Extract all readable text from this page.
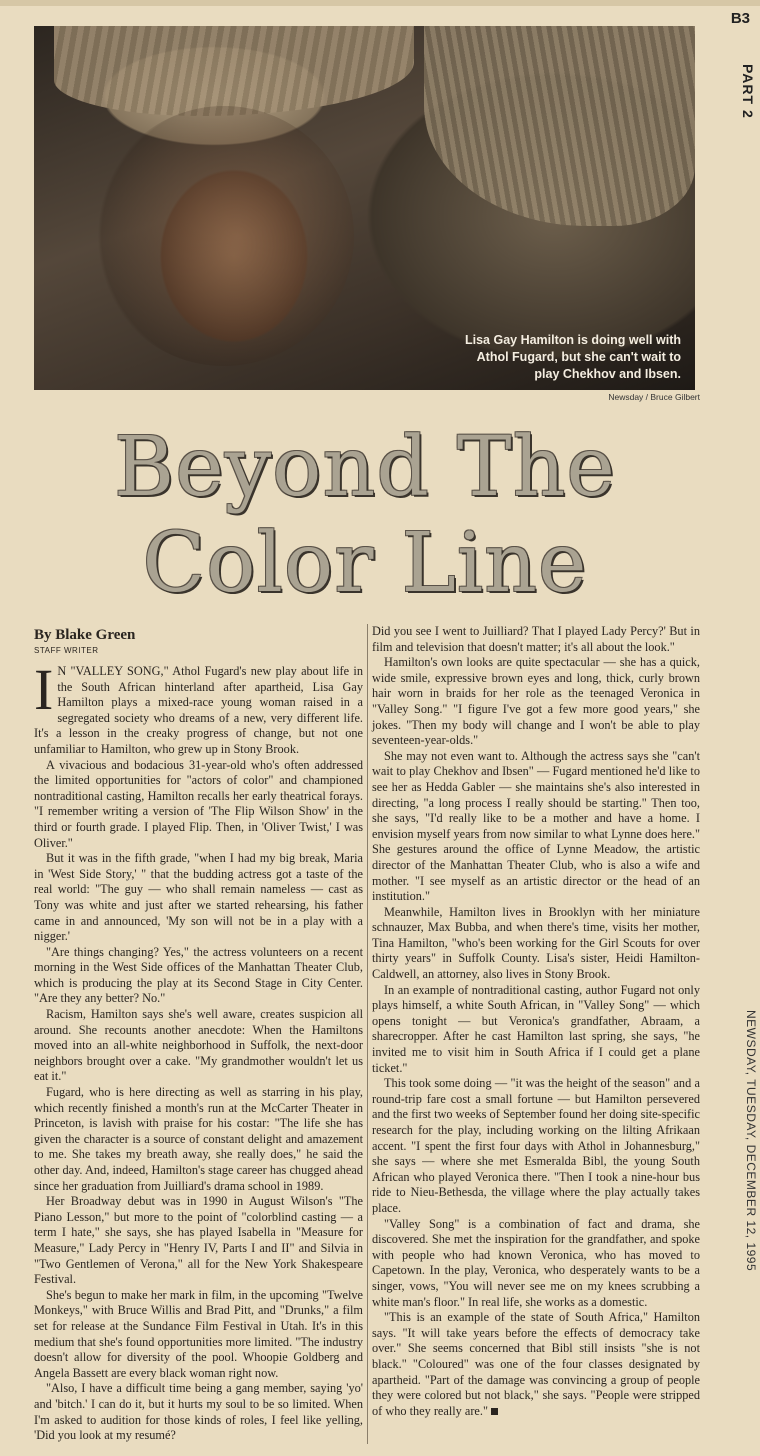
B3
PART 2
NEWSDAY, TUESDAY, DECEMBER 12, 1995
Lisa Gay Hamilton is doing well with Athol Fugard, but she can't wait to play Chekhov and Ibsen.
Newsday / Bruce Gilbert
Beyond The
Color Line
By Blake Green
STAFF WRITER
I N "VALLEY SONG," Athol Fugard's new play about life in the South African hinterland after apartheid, Lisa Gay Hamilton plays a mixed-race young woman raised in a segregated society who dreams of a new, very different life. It's a lesson in the creaky progress of change, but not one unfamiliar to Hamilton, who grew up in Stony Brook.

A vivacious and bodacious 31-year-old who's often addressed the limited opportunities for "actors of color" and championed nontraditional casting, Hamilton recalls her early theatrical forays. "I remember writing a version of 'The Flip Wilson Show' in the third or fourth grade. I played Flip. Then, in 'Oliver Twist,' I was Oliver."

But it was in the fifth grade, "when I had my big break, Maria in 'West Side Story,' " that the budding actress got a taste of the real world: "The guy — who shall remain nameless — cast as Tony was white and just after we started rehearsing, his father came in and announced, 'My son will not be in a play with a nigger.'

"Are things changing? Yes," the actress volunteers on a recent morning in the West Side offices of the Manhattan Theater Club, which is producing the play at its Second Stage in City Center. "Are they any better? No."

Racism, Hamilton says she's well aware, creates suspicion all around. She recounts another anecdote: When the Hamiltons moved into an all-white neighborhood in Suffolk, the next-door neighbors brought over a cake. "My grandmother wouldn't let us eat it."

Fugard, who is here directing as well as starring in his play, which recently finished a month's run at the McCarter Theater in Princeton, is lavish with praise for his costar: "The life she has given the character is a source of constant delight and amazement to me. She takes my breath away, she really does," he said the other day. And, indeed, Hamilton's stage career has chugged ahead since her graduation from Juilliard's drama school in 1989.

Her Broadway debut was in 1990 in August Wilson's "The Piano Lesson," but more to the point of "colorblind casting — a term I hate," she says, she has played Isabella in "Measure for Measure," Lady Percy in "Henry IV, Parts I and II" and Silvia in "Two Gentlemen of Verona," all for the New York Shakespeare Festival.

She's begun to make her mark in film, in the upcoming "Twelve Monkeys," with Bruce Willis and Brad Pitt, and "Drunks," a film set for release at the Sundance Film Festival in Utah. It's in this medium that she's found opportunities more limited. "The industry doesn't allow for diversity of the pool. Whoopie Goldberg and Angela Bassett are every black woman right now.

"Also, I have a difficult time being a gang member, saying 'yo' and 'bitch.' I can do it, but it hurts my soul to be so limited. When I'm asked to audition for those kinds of roles, I feel like yelling, 'Did you look at my resumé?

Did you see I went to Juilliard? That I played Lady Percy?' But in film and television that doesn't matter; it's all about the look."

Hamilton's own looks are quite spectacular — she has a quick, wide smile, expressive brown eyes and long, thick, curly brown hair worn in braids for her role as the teenaged Veronica in "Valley Song." "I figure I've got a few more good years," she jokes. "Then my body will change and I won't be able to play seventeen-year-olds."

She may not even want to. Although the actress says she "can't wait to play Chekhov and Ibsen" — Fugard mentioned he'd like to see her as Hedda Gabler — she maintains she's also interested in directing, "a long process I really should be starting." Then too, she says, "I'd really like to be a mother and have a home. I envision myself years from now similar to what Lynne does here." She gestures around the office of Lynne Meadow, the artistic director of the Manhattan Theater Club, who is also a wife and mother. "I see myself as an artistic director or the head of an institution."

Meanwhile, Hamilton lives in Brooklyn with her miniature schnauzer, Max Bubba, and when there's time, visits her mother, Tina Hamilton, "who's been working for the Girl Scouts for over thirty years" in Suffolk County. Lisa's sister, Heidi Hamilton-Caldwell, an attorney, also lives in Stony Brook.

In an example of nontraditional casting, author Fugard not only plays himself, a white South African, in "Valley Song" — which opens tonight — but Veronica's grandfather, Abraam, a sharecropper. After he cast Hamilton last spring, she says, "he invited me to visit him in South Africa if I could get a plane ticket."

This took some doing — "it was the height of the season" and a round-trip fare cost a small fortune — but Hamilton persevered and the first two weeks of September found her doing site-specific research for the play, including working on the lilting Afrikaan accent. "I spent the first four days with Athol in Johannesburg," she says — where she met Esmeralda Bibl, the young South African who played Veronica there. "Then I took a nine-hour bus ride to Nieu-Bethesda, the village where the play actually takes place.

"Valley Song" is a combination of fact and drama, she discovered. She met the inspiration for the grandfather, and spoke with people who had known Veronica, who has moved to Capetown. In the play, Veronica, who desperately wants to be a singer, vows, "You will never see me on my knees scrubbing a white man's floor." In real life, she works as a domestic.

"This is an example of the state of South Africa," Hamilton says. "It will take years before the effects of democracy take over." She seems concerned that Bibl still insists "she is not black." "Coloured" was one of the four classes designated by apartheid. "Part of the damage was convincing a group of people they were colored but not black," she says. "People were stripped of who they really are."
